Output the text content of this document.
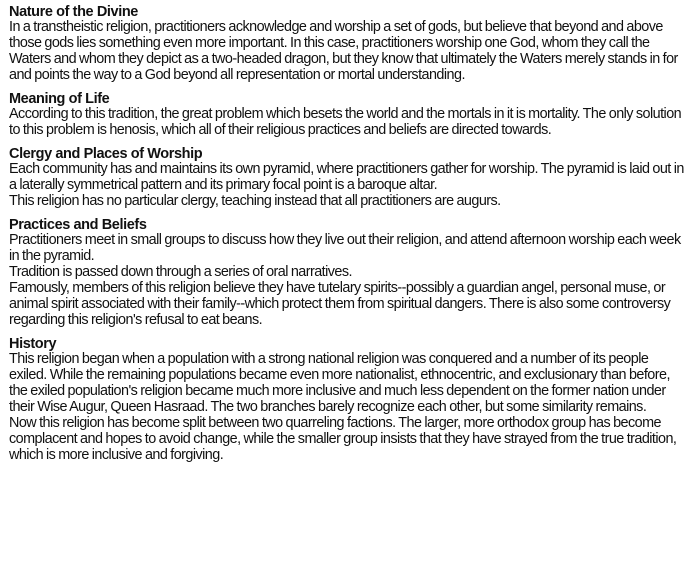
Nature of the Divine
In a transtheistic religion, practitioners acknowledge and worship a set of gods, but believe that beyond and above those gods lies something even more important. In this case, practitioners worship one God, whom they call the Waters and whom they depict as a two-headed dragon, but they know that ultimately the Waters merely stands in for and points the way to a God beyond all representation or mortal understanding.
Meaning of Life
According to this tradition, the great problem which besets the world and the mortals in it is mortality. The only solution to this problem is henosis, which all of their religious practices and beliefs are directed towards.
Clergy and Places of Worship
Each community has and maintains its own pyramid, where practitioners gather for worship. The pyramid is laid out in a laterally symmetrical pattern and its primary focal point is a baroque altar.
This religion has no particular clergy, teaching instead that all practitioners are augurs.
Practices and Beliefs
Practitioners meet in small groups to discuss how they live out their religion, and attend afternoon worship each week in the pyramid.
Tradition is passed down through a series of oral narratives.
Famously, members of this religion believe they have tutelary spirits--possibly a guardian angel, personal muse, or animal spirit associated with their family--which protect them from spiritual dangers. There is also some controversy regarding this religion's refusal to eat beans.
History
This religion began when a population with a strong national religion was conquered and a number of its people exiled. While the remaining populations became even more nationalist, ethnocentric, and exclusionary than before, the exiled population's religion became much more inclusive and much less dependent on the former nation under their Wise Augur, Queen Hasraad. The two branches barely recognize each other, but some similarity remains.
Now this religion has become split between two quarreling factions. The larger, more orthodox group has become complacent and hopes to avoid change, while the smaller group insists that they have strayed from the true tradition, which is more inclusive and forgiving.
